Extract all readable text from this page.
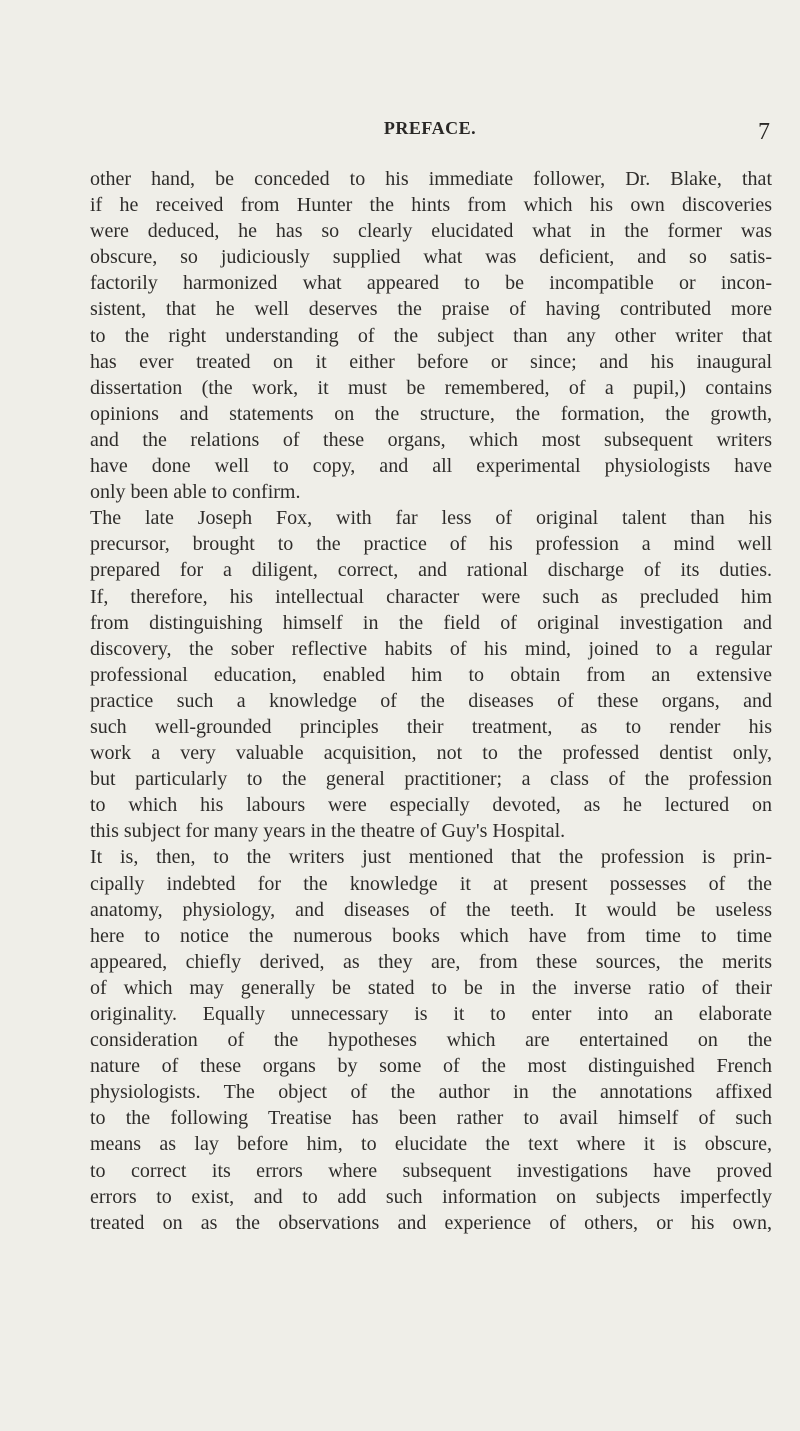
PREFACE.	7
other hand, be conceded to his immediate follower, Dr. Blake, that
if he received from Hunter the hints from which his own discoveries
were deduced, he has so clearly elucidated what in the former was
obscure, so judiciously supplied what was deficient, and so satis-
factorily harmonized what appeared to be incompatible or incon-
sistent, that he well deserves the praise of having contributed more
to the right understanding of the subject than any other writer that
has ever treated on it either before or since; and his inaugural
dissertation (the work, it must be remembered, of a pupil,) contains
opinions and statements on the structure, the formation, the growth,
and the relations of these organs, which most subsequent writers
have done well to copy, and all experimental physiologists have
only been able to confirm.
The late Joseph Fox, with far less of original talent than his
precursor, brought to the practice of his profession a mind well
prepared for a diligent, correct, and rational discharge of its duties.
If, therefore, his intellectual character were such as precluded him
from distinguishing himself in the field of original investigation and
discovery, the sober reflective habits of his mind, joined to a regular
professional education, enabled him to obtain from an extensive
practice such a knowledge of the diseases of these organs, and
such well-grounded principles their treatment, as to render his
work a very valuable acquisition, not to the professed dentist only,
but particularly to the general practitioner; a class of the profession
to which his labours were especially devoted, as he lectured on
this subject for many years in the theatre of Guy's Hospital.
It is, then, to the writers just mentioned that the profession is prin-
cipally indebted for the knowledge it at present possesses of the
anatomy, physiology, and diseases of the teeth. It would be useless
here to notice the numerous books which have from time to time
appeared, chiefly derived, as they are, from these sources, the merits
of which may generally be stated to be in the inverse ratio of their
originality. Equally unnecessary is it to enter into an elaborate
consideration of the hypotheses which are entertained on the
nature of these organs by some of the most distinguished French
physiologists. The object of the author in the annotations affixed
to the following Treatise has been rather to avail himself of such
means as lay before him, to elucidate the text where it is obscure,
to correct its errors where subsequent investigations have proved
errors to exist, and to add such information on subjects imperfectly
treated on as the observations and experience of others, or his own,
